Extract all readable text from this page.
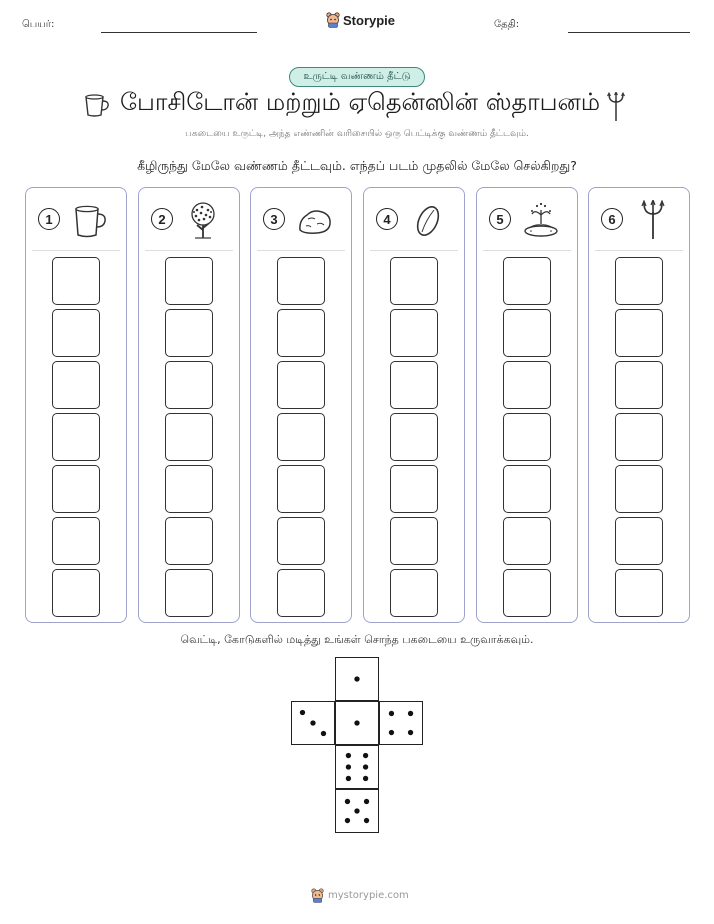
பெயர்:	Storypie	தேதி:
உருட்டி வண்ணம் தீட்டு
போசிடோன் மற்றும் ஏதென்ஸின் ஸ்தாபனம்
பகடையை உருட்டி, அந்த எண்ணின் வரிசையில் ஒரு பெட்டிக்கு வண்ணம் தீட்டவும்.
கீழிருந்து மேலே வண்ணம் தீட்டவும். எந்தப் படம் முதலில் மேலே செல்கிறது?
1	2	3	4	5	6
வெட்டி, கோடுகளில் மடித்து உங்கள் சொந்த பகடையை உருவாக்கவும்.
mystorypie.com
